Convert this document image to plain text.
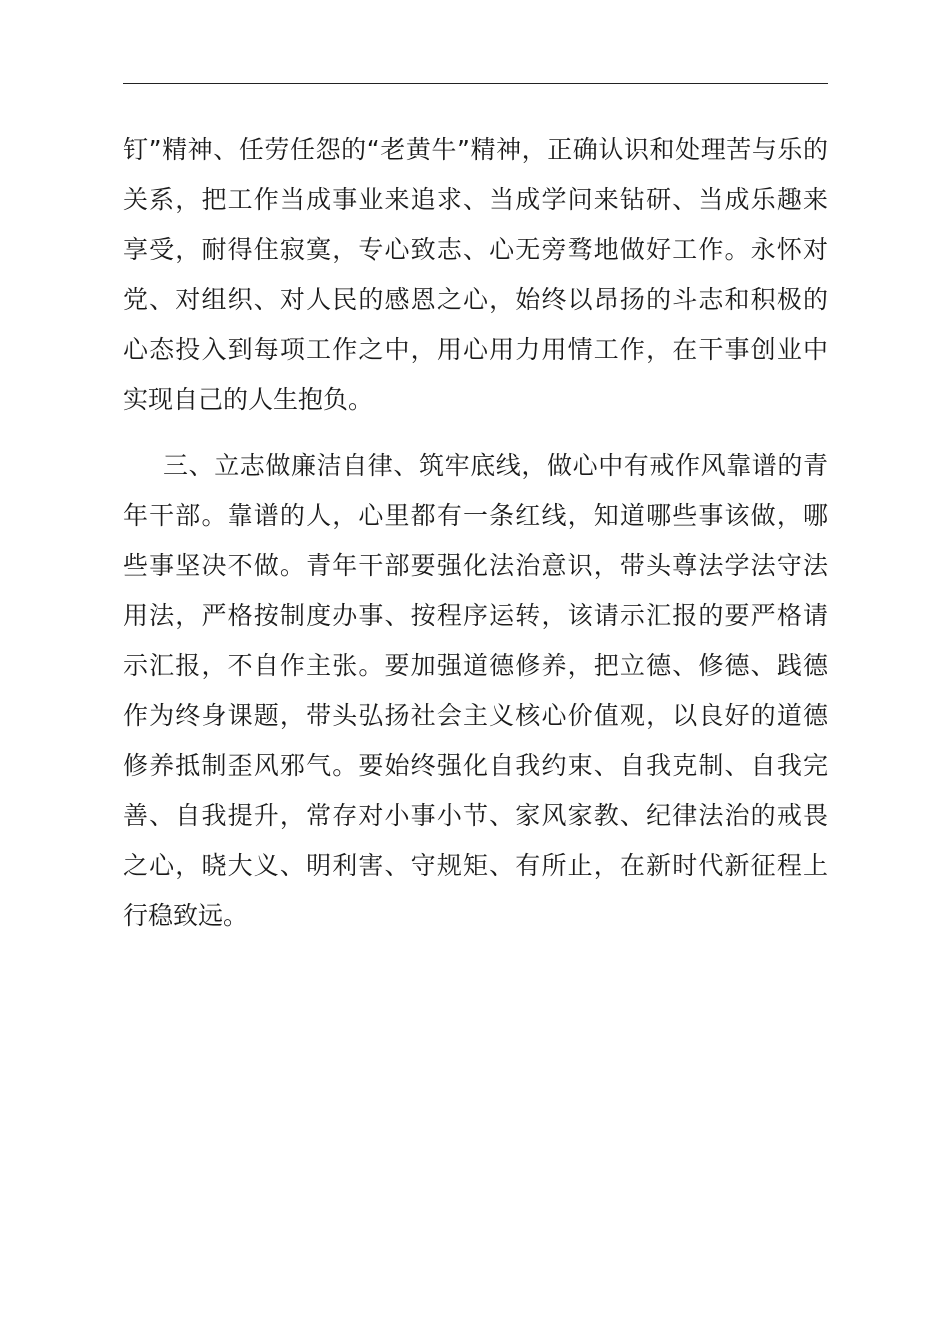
钉”精神、任劳任怨的“老黄牛”精神，正确认识和处理苦与乐的
关系，把工作当成事业来追求、当成学问来钻研、当成乐趣来
享受，耐得住寂寞，专心致志、心无旁骛地做好工作。永怀对
党、对组织、对人民的感恩之心，始终以昂扬的斗志和积极的
心态投入到每项工作之中，用心用力用情工作，在干事创业中
实现自己的人生抱负。
三、立志做廉洁自律、筑牢底线，做心中有戒作风靠谱的青
年干部。靠谱的人，心里都有一条红线，知道哪些事该做，哪
些事坚决不做。青年干部要强化法治意识，带头尊法学法守法
用法，严格按制度办事、按程序运转，该请示汇报的要严格请
示汇报，不自作主张。要加强道德修养，把立德、修德、践德
作为终身课题，带头弘扬社会主义核心价值观，以良好的道德
修养抵制歪风邪气。要始终强化自我约束、自我克制、自我完
善、自我提升，常存对小事小节、家风家教、纪律法治的戒畏
之心，晓大义、明利害、守规矩、有所止，在新时代新征程上
行稳致远。
